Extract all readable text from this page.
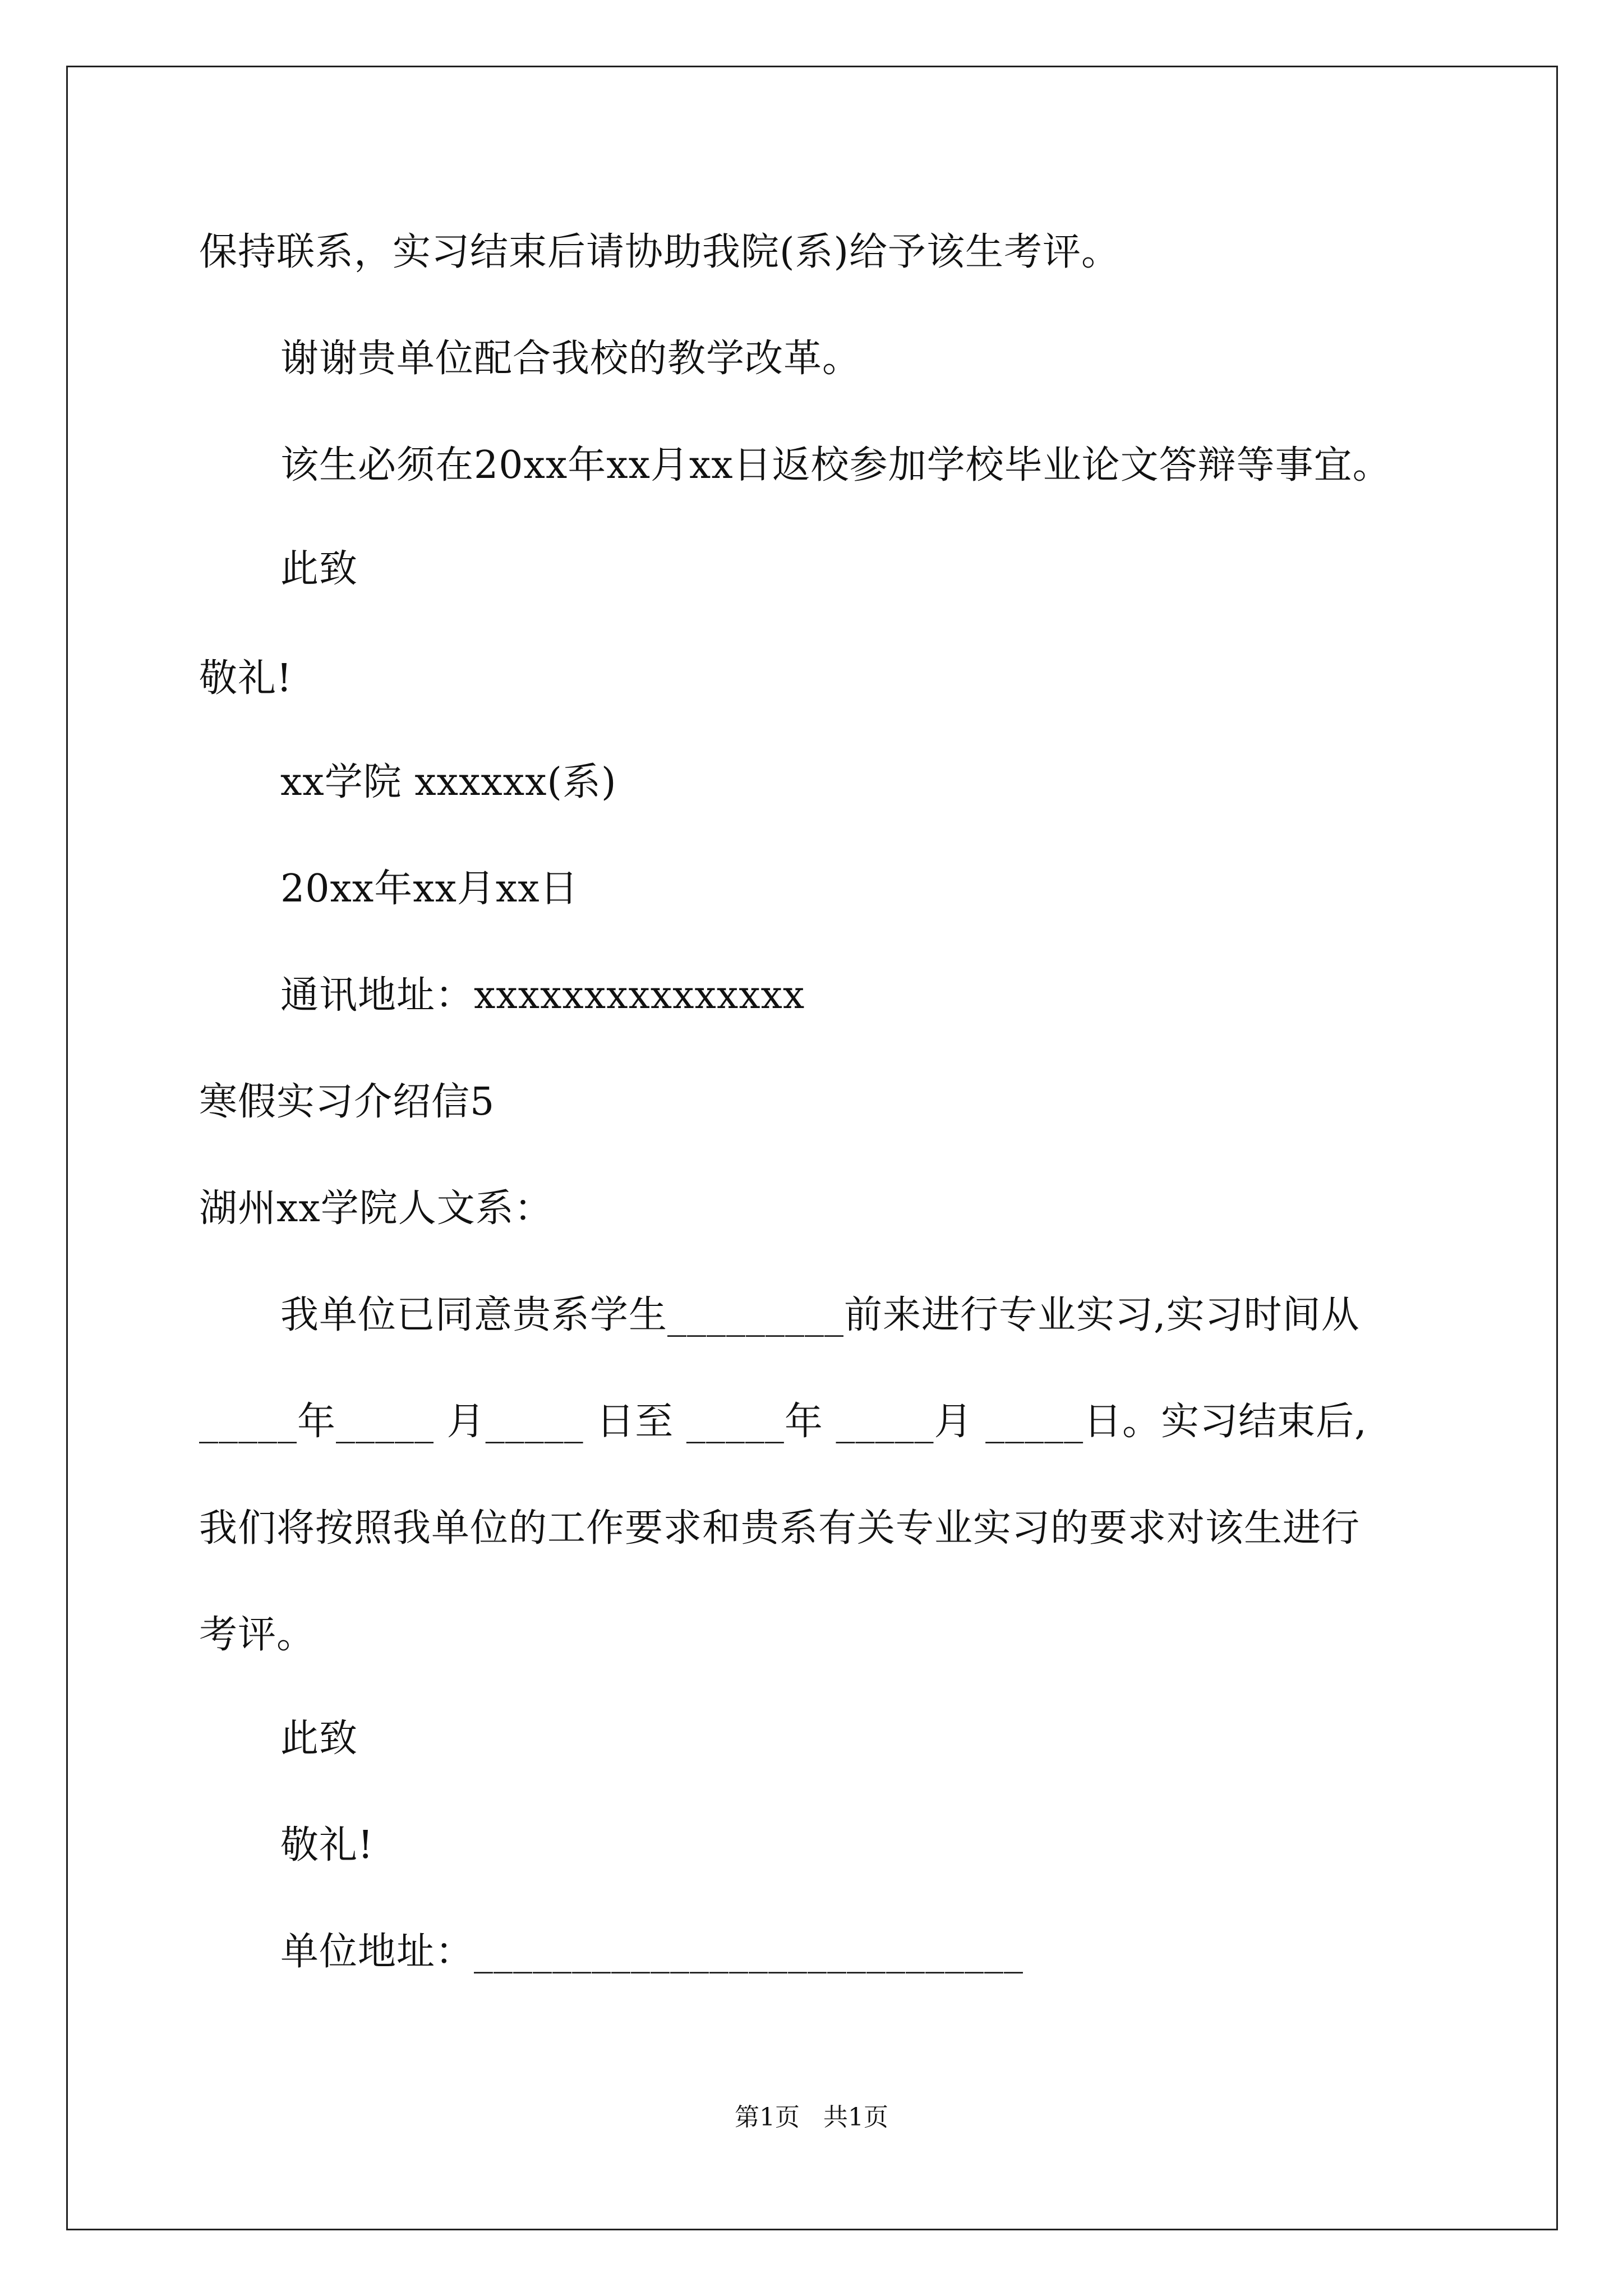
保持联系，实习结束后请协助我院(系)给予该生考评。
谢谢贵单位配合我校的教学改革。
该生必须在20xx年xx月xx日返校参加学校毕业论文答辩等事宜。
此致
敬礼!
xx学院 xxxxxx(系)
20xx年xx月xx日
通讯地址：xxxxxxxxxxxxxxx
寒假实习介绍信5
湖州xx学院人文系：
我单位已同意贵系学生_________前来进行专业实习,实习时间从
_____年_____ 月_____ 日至 _____年 _____月 _____日。实习结束后,
我们将按照我单位的工作要求和贵系有关专业实习的要求对该生进行
考评。
此致
敬礼!
单位地址：____________________________
第1页   共1页
